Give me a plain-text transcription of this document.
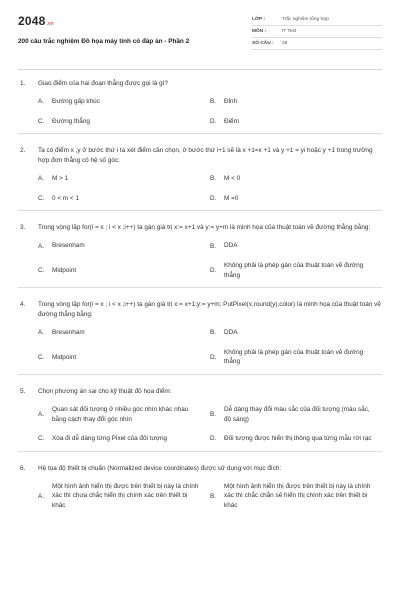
2048 .vn
200 câu trắc nghiệm Đồ họa máy tính có đáp án - Phần 2
LỚP :	Trắc nghiệm tổng hợp
MÔN :	IT Test
SỐ CÂU :	25
1.	Giao điểm của hai đoạn thẳng được gọi là gì?
A.	Đường gấp khúc	B.	Đỉnh
C.	Đường thẳng	D.	Điểm
2.	Ta có điểm x ,y ở bước thứ i ta xét điểm cần chọn, ở bước thứ i+1 sẽ là x +1=x +1 và y +1 = yi hoặc y +1 trong trường hợp đơn thẳng có hệ số góc:
A.	M > 1	B.	M < 0
C.	0 < m < 1	D.	M =0
3.	Trong vòng lặp for(i = x ; i < x ;i++) ta gán giá trị x:= x+1 và y:= y+m là minh họa của thuật toán về đường thẳng bằng:
A.	Bresenham	B.	DDA
C.	Midpoint	D.
Không phải là phép gán của thuật toán vẽ đường thẳng
4.	Trong vòng lặp for(i = x ; i < x ;i++) ta gán giá trị x:= x+1;y:= y+m; PutPixel(x,round(y),color) là minh họa của thuật toán vẽ đường thẳng bằng:
A.	Bresenham	B.	DDA
C.	Midpoint	D.
Không phải là phép gán của thuật toán vẽ đường thẳng
5.	Chọn phương án sai cho kỹ thuật đồ họa điểm:
A.
Quan sát đối tượng ở nhiều góc nhìn khác nhau bằng cách thay đổi góc nhìn
B.
Dễ dàng thay đổi màu sắc của đối tượng (màu sắc, độ sáng)
C.	Xóa đi dễ dàng từng Pixel của đối tượng	D.	Đối tượng được hiển thị thông qua từng mẫu rời rạc
6.	Hệ tọa độ thiết bị chuẩn (Normalized device coordinates) được sử dụng với mục đích:
A.
Một hình ảnh hiển thị được trên thiết bị này là chính xác thì chưa chắc hiển thị chính xác trên thiết bị khác
B.
Một hình ảnh hiển thị được trên thiết bị này là chính xác thì chắc chắn sẽ hiển thị chính xác trên thiết bị khác
